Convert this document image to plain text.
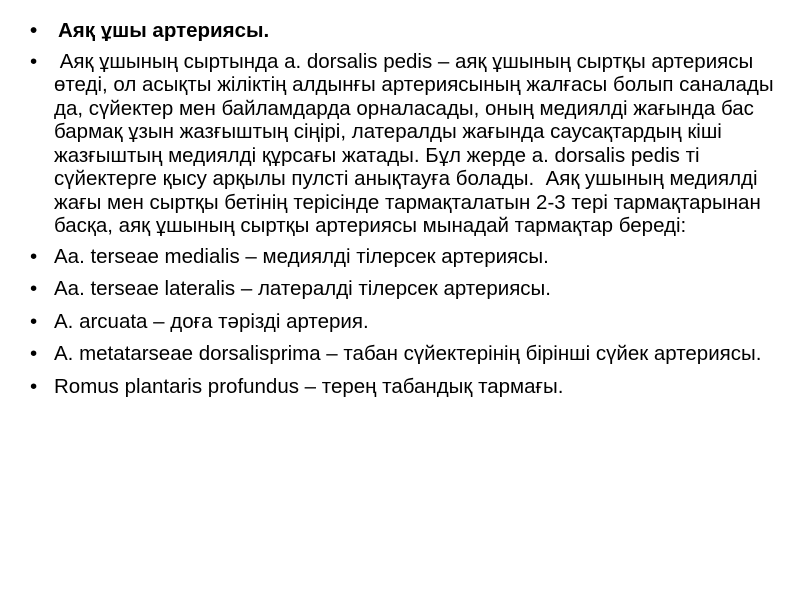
•	Аяқ ұшы артериясы.
• Аяқ ұшының сыртында a. dorsalis pedis – аяқ ұшының сыртқы артериясы өтеді, ол асықты жіліктің алдынғы артериясының жалғасы болып саналады да, сүйектер мен байламдарда орналасады, оның медиялді жағында бас бармақ ұзын жазғыштың сіңірі, латералды жағында саусақтардың кіші жазғыштың медиялді құрсағы жатады. Бұл жерде a. dorsalis pedis ті сүйектерге қысу арқылы пулсті анықтауға болады.  Аяқ ушының медиялді жағы мен сыртқы бетінің терісінде тармақталатын 2-3 тері тармақтарынан басқа, аяқ ұшының сыртқы артериясы мынадай тармақтар береді:
• Aa. terseae medialis – медиялді тілерсек артериясы.
• Aa. terseae lateralis – латералді тілерсек артериясы.
• A. arcuata – доға тәрізді артерия.
• A. metatarseae dorsalisprima – табан сүйектерінің бірінші сүйек артериясы.
• Romus plantaris profundus – терең табандық тармағы.
